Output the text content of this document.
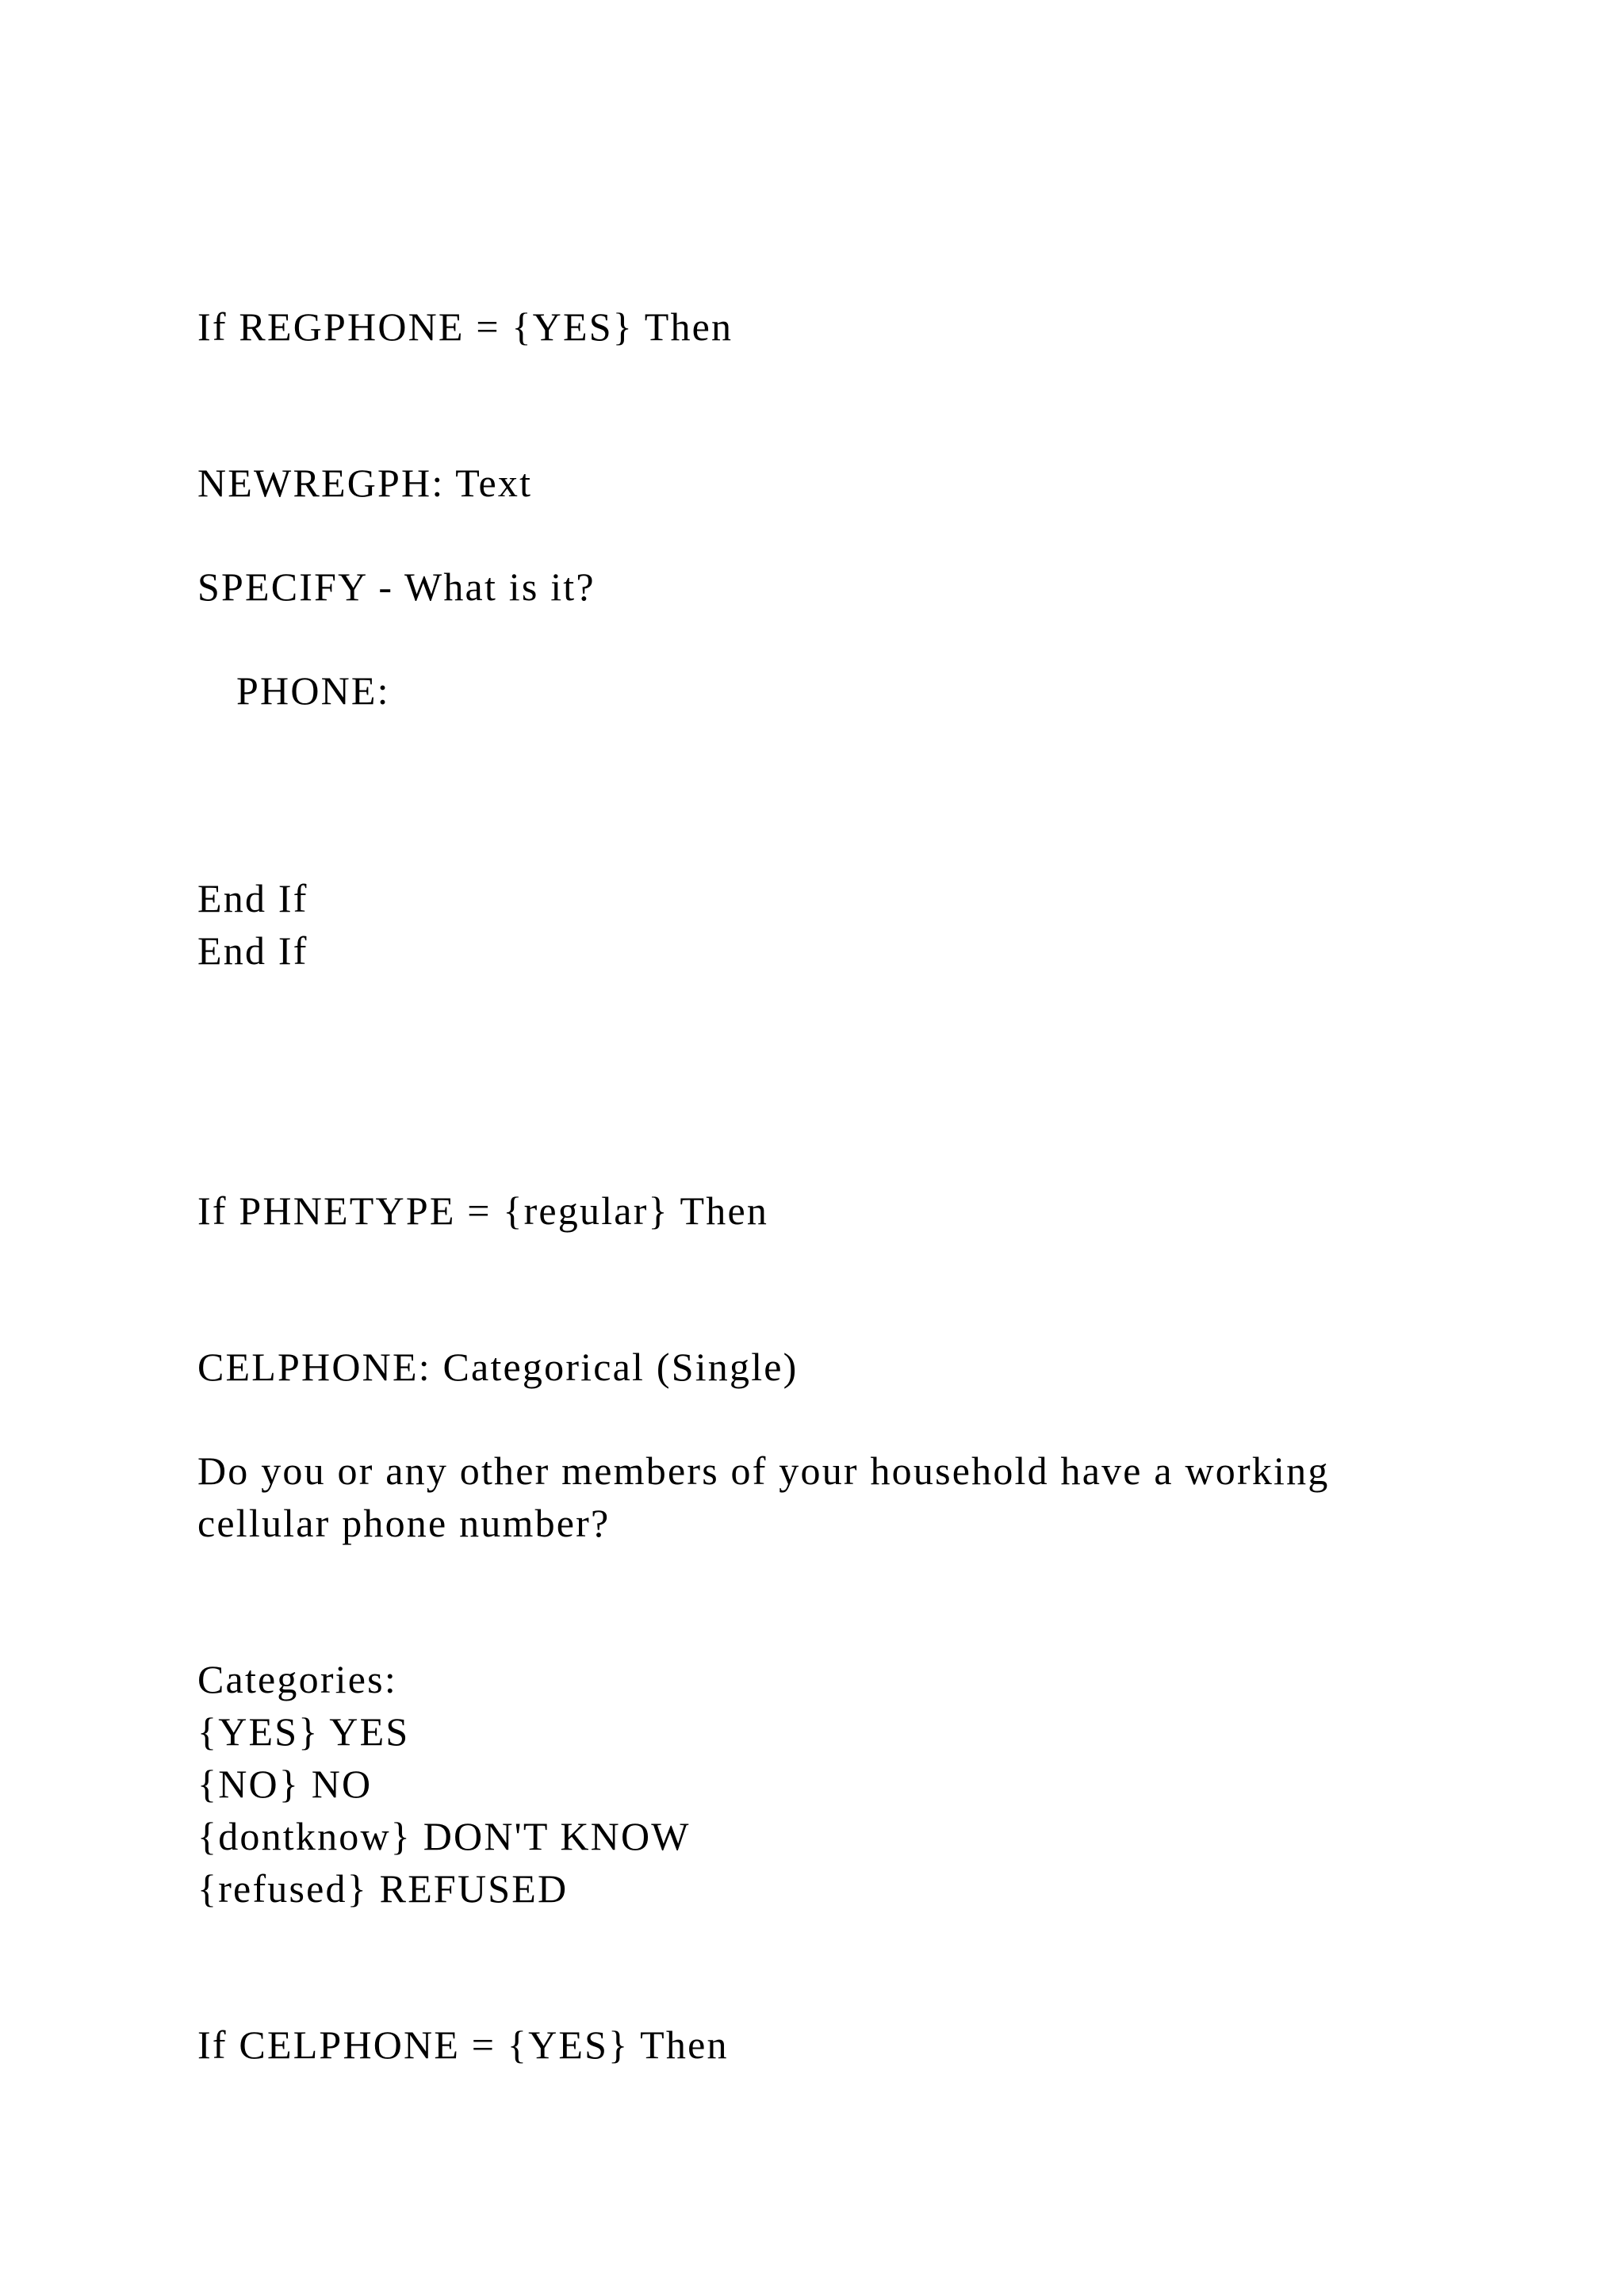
If REGPHONE = {YES} Then

NEWREGPH: Text

SPECIFY - What is it?

PHONE:

End If

End If

If PHNETYPE = {regular} Then

CELPHONE: Categorical (Single)

Do you or any other members of your household have a working

cellular phone number?

Categories:

{YES} YES

{NO} NO

{dontknow} DON'T KNOW

{refused} REFUSED

If CELPHONE = {YES} Then
